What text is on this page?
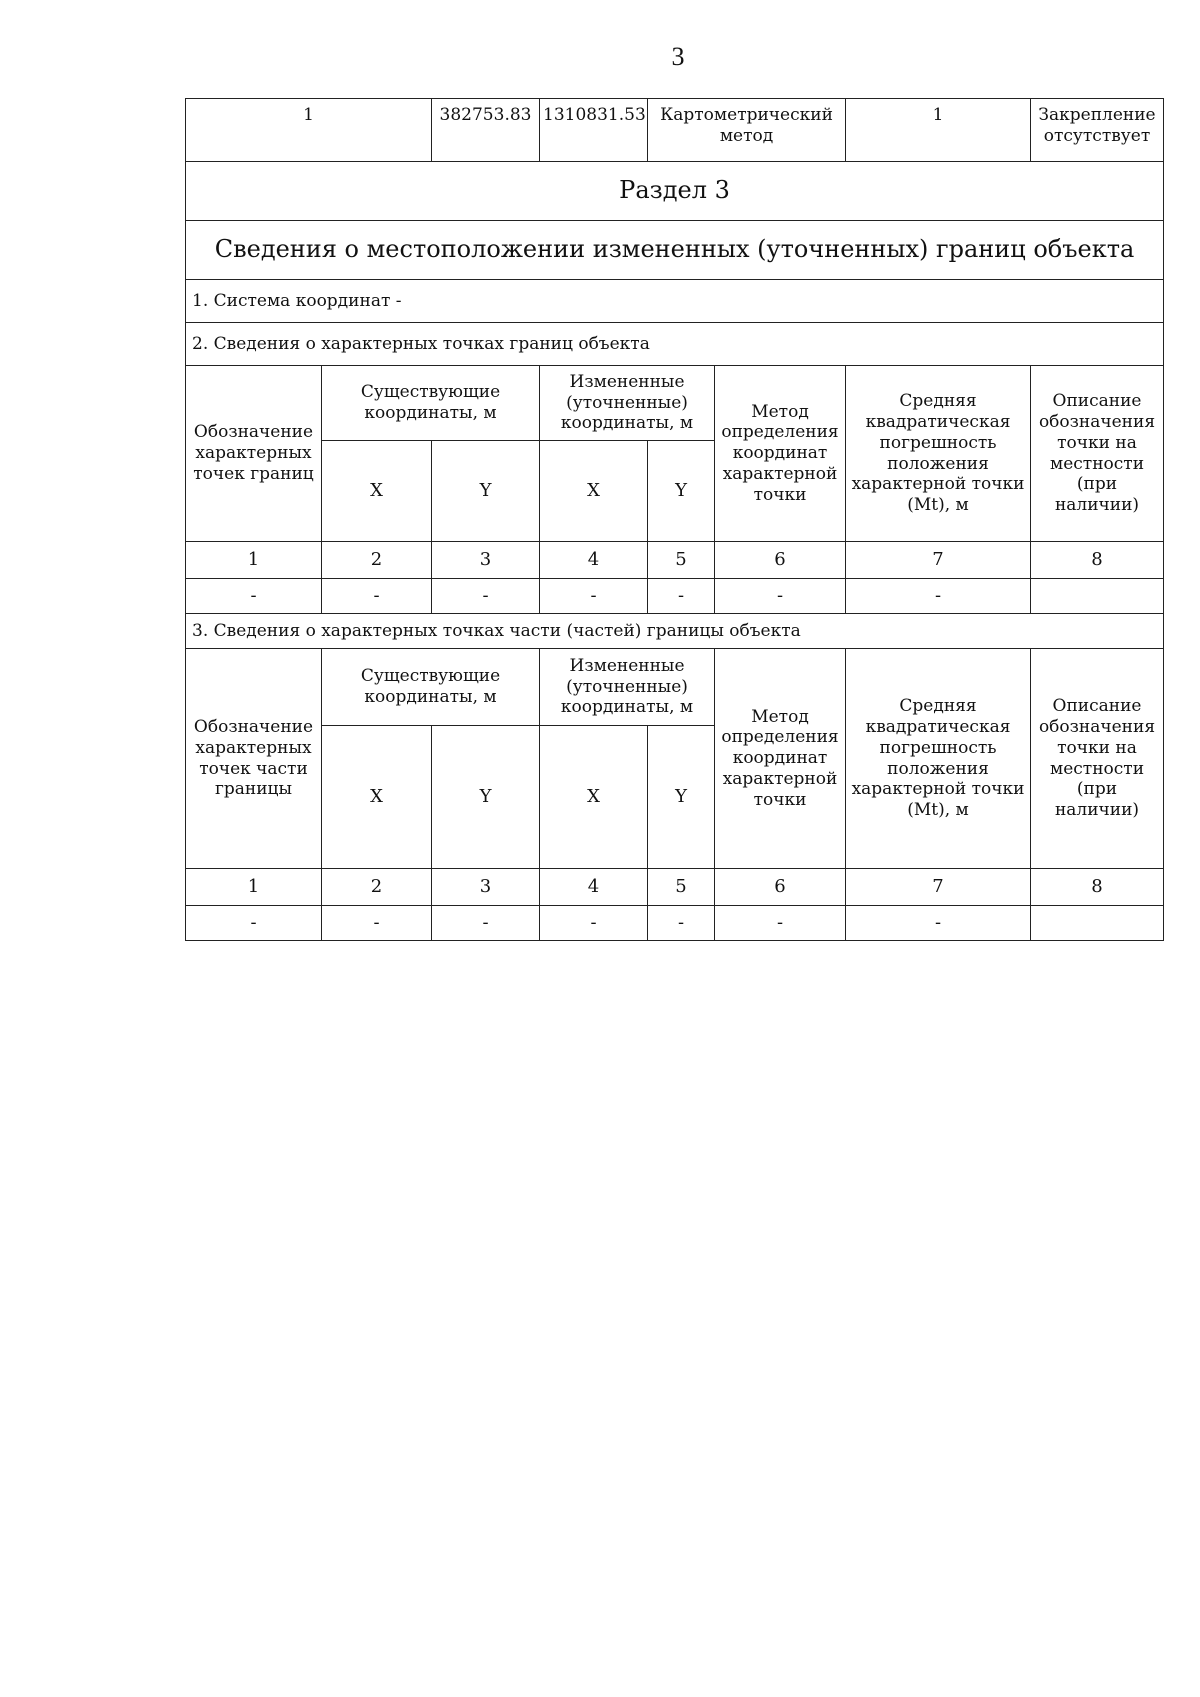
3
1		382753.83	1310831.53	Картометрический метод		1	Закрепление отсутствует
Раздел 3							
Сведения о местоположении измененных (уточненных) границ объекта							
1. Система координат -							
2. Сведения о характерных точках границ объекта							
Обозначение характерных точек границ	Существующие координаты, м		Измененные (уточненные) координаты, м		Метод определения координат характерной точки	Средняя квадратическая погрешность положения характерной точки (Mt), м	Описание обозначения точки на местности (при наличии)
	X	Y	X	Y			
1	2	3	4	5	6	7	8
-	-	-	-	-	-	-	
3. Сведения о характерных точках части (частей) границы объекта							
Обозначение характерных точек части границы	Существующие координаты, м		Измененные (уточненные) координаты, м		Метод определения координат характерной точки	Средняя квадратическая погрешность положения характерной точки (Mt), м	Описание обозначения точки на местности (при наличии)
	X	Y	X	Y			
1	2	3	4	5	6	7	8
-	-	-	-	-	-	-	
